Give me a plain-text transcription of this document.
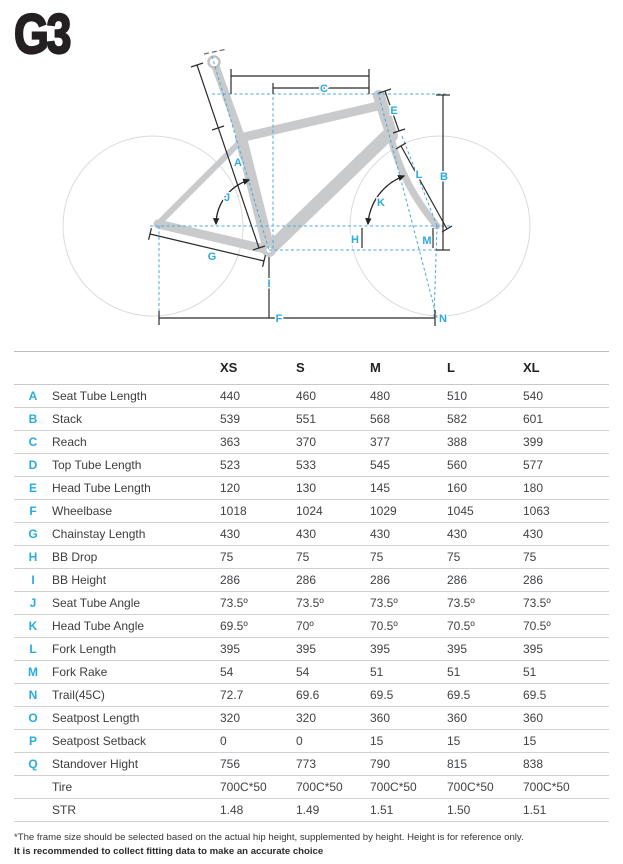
G3
A
B
C
E
F
G
H
I
J	K
L
M
N
		XS	S	M	L	XL
A	Seat Tube Length	440	460	480	510	540
B	Stack	539	551	568	582	601
C	Reach	363	370	377	388	399
D	Top Tube Length	523	533	545	560	577
E	Head Tube Length	120	130	145	160	180
F	Wheelbase	1018	1024	1029	1045	1063
G	Chainstay Length	430	430	430	430	430
H	BB Drop	75	75	75	75	75
I	BB Height	286	286	286	286	286
J	Seat Tube Angle	73.5º	73.5º	73.5º	73.5º	73.5º
K	Head Tube Angle	69.5º	70º	70.5º	70.5º	70.5º
L	Fork Length	395	395	395	395	395
M	Fork Rake	54	54	51	51	51
N	Trail(45C)	72.7	69.6	69.5	69.5	69.5
O	Seatpost Length	320	320	360	360	360
P	Seatpost Setback	0	0	15	15	15
Q	Standover Hight	756	773	790	815	838
	Tire	700C*50	700C*50	700C*50	700C*50	700C*50
	STR	1.48	1.49	1.51	1.50	1.51
*The frame size should be selected based on the actual hip height, supplemented by height. Height is for reference only.
It is recommended to collect fitting data to make an accurate choice
